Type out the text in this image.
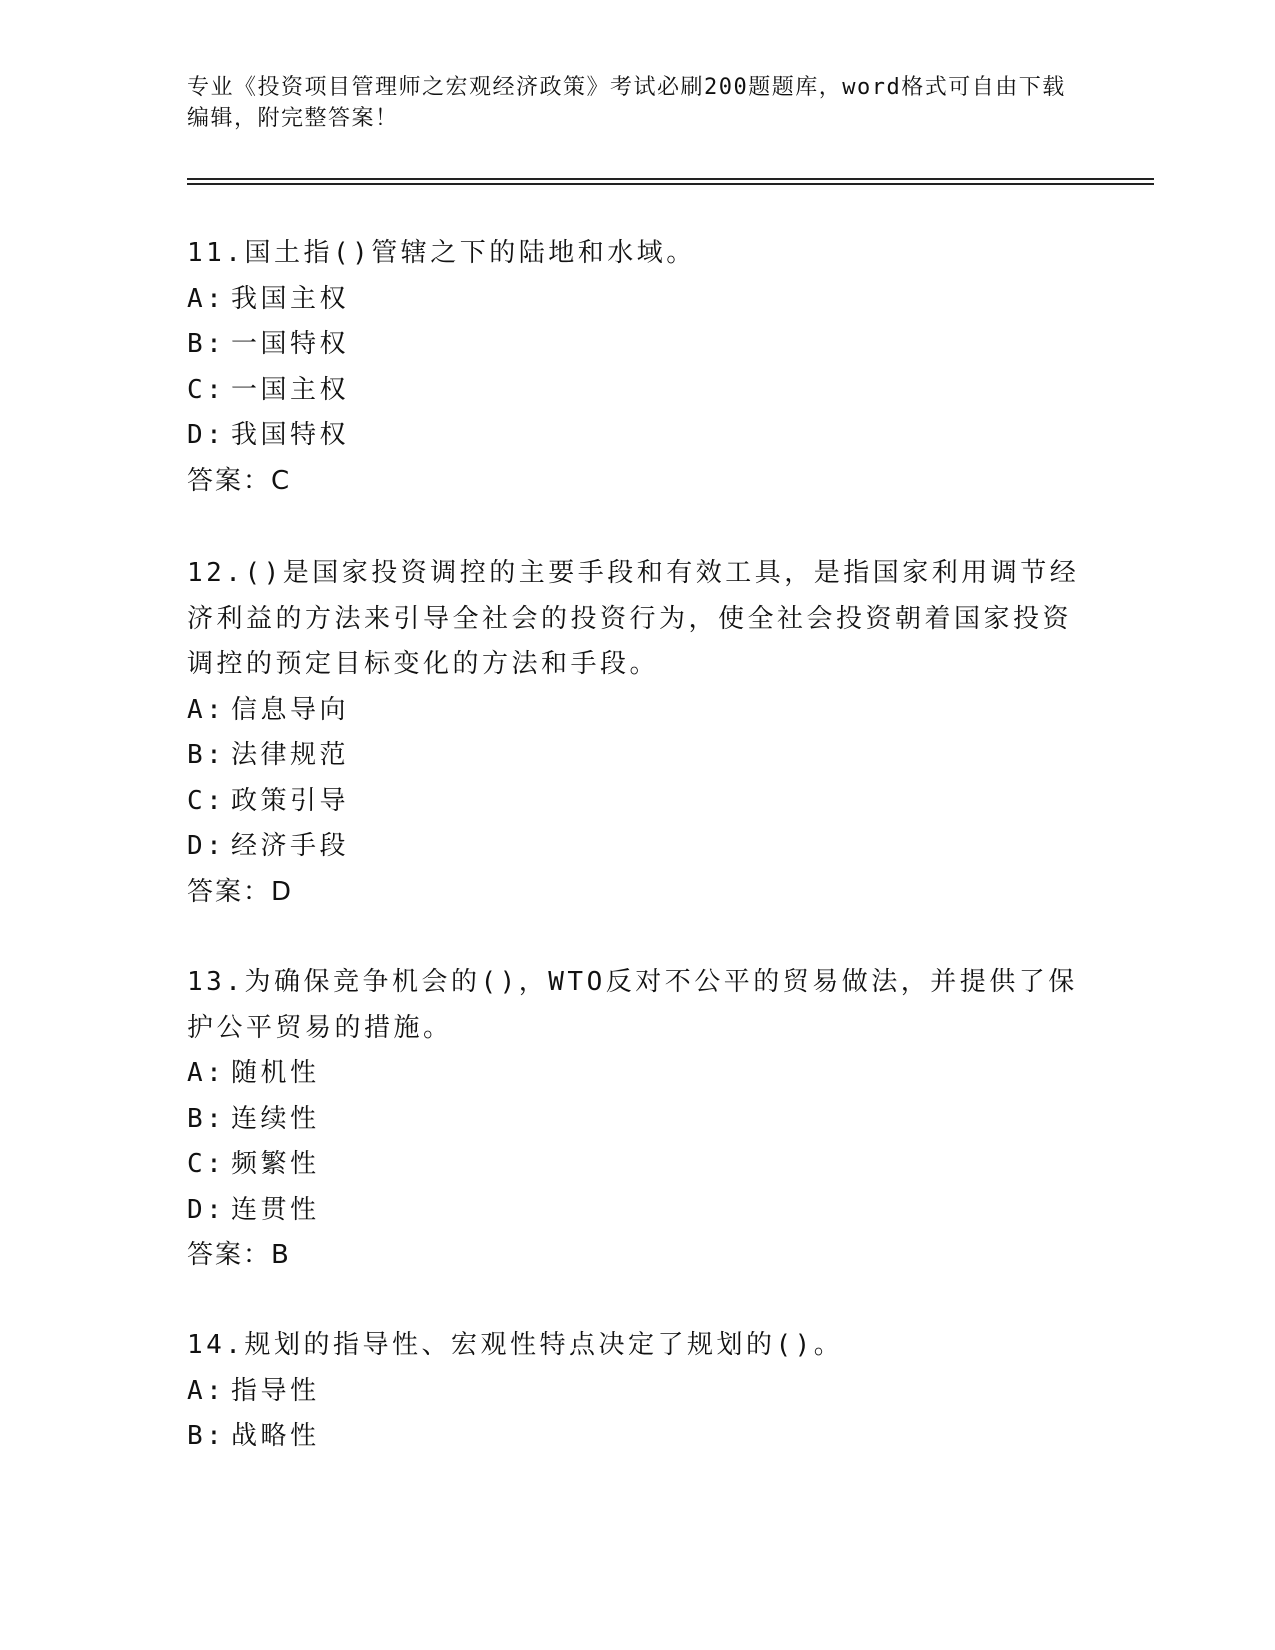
专业《投资项目管理师之宏观经济政策》考试必刷200题题库，word格式可自由下载编辑，附完整答案！

11.国土指()管辖之下的陆地和水域。

A: 我国主权

B: 一国特权

C: 一国主权

D: 我国特权

答案：C

12.()是国家投资调控的主要手段和有效工具，是指国家利用调节经济利益的方法来引导全社会的投资行为，使全社会投资朝着国家投资调控的预定目标变化的方法和手段。

A: 信息导向

B: 法律规范

C: 政策引导

D: 经济手段

答案：D

13.为确保竞争机会的()，WTO反对不公平的贸易做法，并提供了保护公平贸易的措施。

A: 随机性

B: 连续性

C: 频繁性

D: 连贯性

答案：B

14.规划的指导性、宏观性特点决定了规划的()。

A: 指导性

B: 战略性
